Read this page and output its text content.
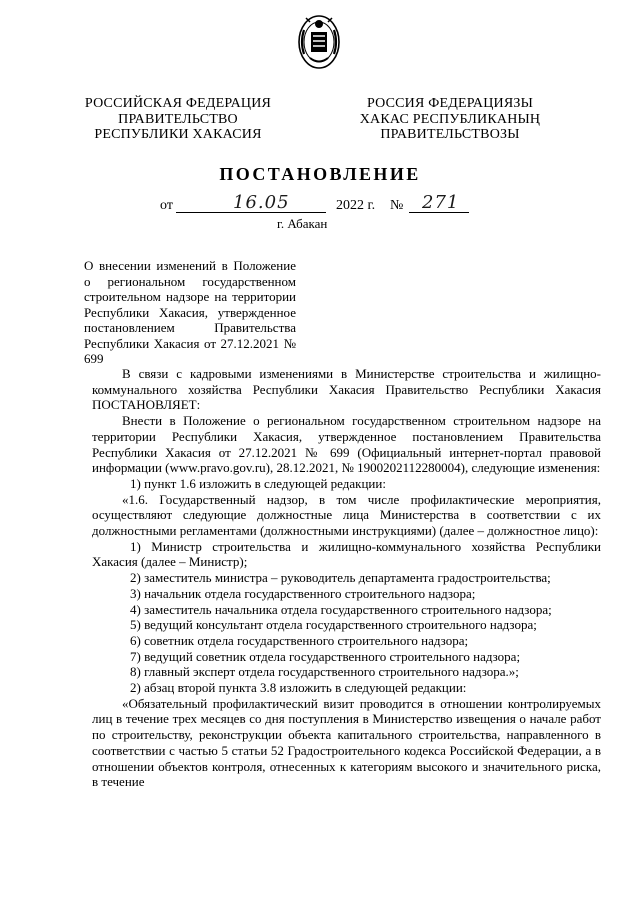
РОССИЙСКАЯ ФЕДЕРАЦИЯ
ПРАВИТЕЛЬСТВО
РЕСПУБЛИКИ ХАКАСИЯ
РОССИЯ ФЕДЕРАЦИЯЗЫ
ХАКАС РЕСПУБЛИКАНЫҢ
ПРАВИТЕЛЬСТВОЗЫ
ПОСТАНОВЛЕНИЕ
от	16.05	2022 г. № 271
г. Абакан

О внесении изменений в Положение о региональном государственном строительном надзоре на территории Республики Хакасия, утвержденное постановлением Правительства Республики Хакасия от 27.12.2021 № 699

В связи с кадровыми изменениями в Министерстве строительства и жилищно-коммунального хозяйства Республики Хакасия Правительство Республики Хакасия ПОСТАНОВЛЯЕТ:

Внести в Положение о региональном государственном строительном надзоре на территории Республики Хакасия, утвержденное постановлением Правительства Республики Хакасия от 27.12.2021 № 699 (Официальный интернет-портал правовой информации (www.pravo.gov.ru), 28.12.2021, № 1900202112280004), следующие изменения:

1) пункт 1.6 изложить в следующей редакции:

«1.6. Государственный надзор, в том числе профилактические мероприятия, осуществляют следующие должностные лица Министерства в соответствии с их должностными регламентами (должностными инструкциями) (далее – должностное лицо):

1) Министр строительства и жилищно-коммунального хозяйства Республики Хакасия (далее – Министр);

2) заместитель министра – руководитель департамента градостроительства;

3) начальник отдела государственного строительного надзора;

4) заместитель начальника отдела государственного строительного надзора;

5) ведущий консультант отдела государственного строительного надзора;

6) советник отдела государственного строительного надзора;

7) ведущий советник отдела государственного строительного надзора;

8) главный эксперт отдела государственного строительного надзора.»;

2) абзац второй пункта 3.8 изложить в следующей редакции:

«Обязательный профилактический визит проводится в отношении контролируемых лиц в течение трех месяцев со дня поступления в Министерство извещения о начале работ по строительству, реконструкции объекта капитального строительства, направленного в соответствии с частью 5 статьи 52 Градостроительного кодекса Российской Федерации, а в отношении объектов контроля, отнесенных к категориям высокого и значительного риска, в течение
